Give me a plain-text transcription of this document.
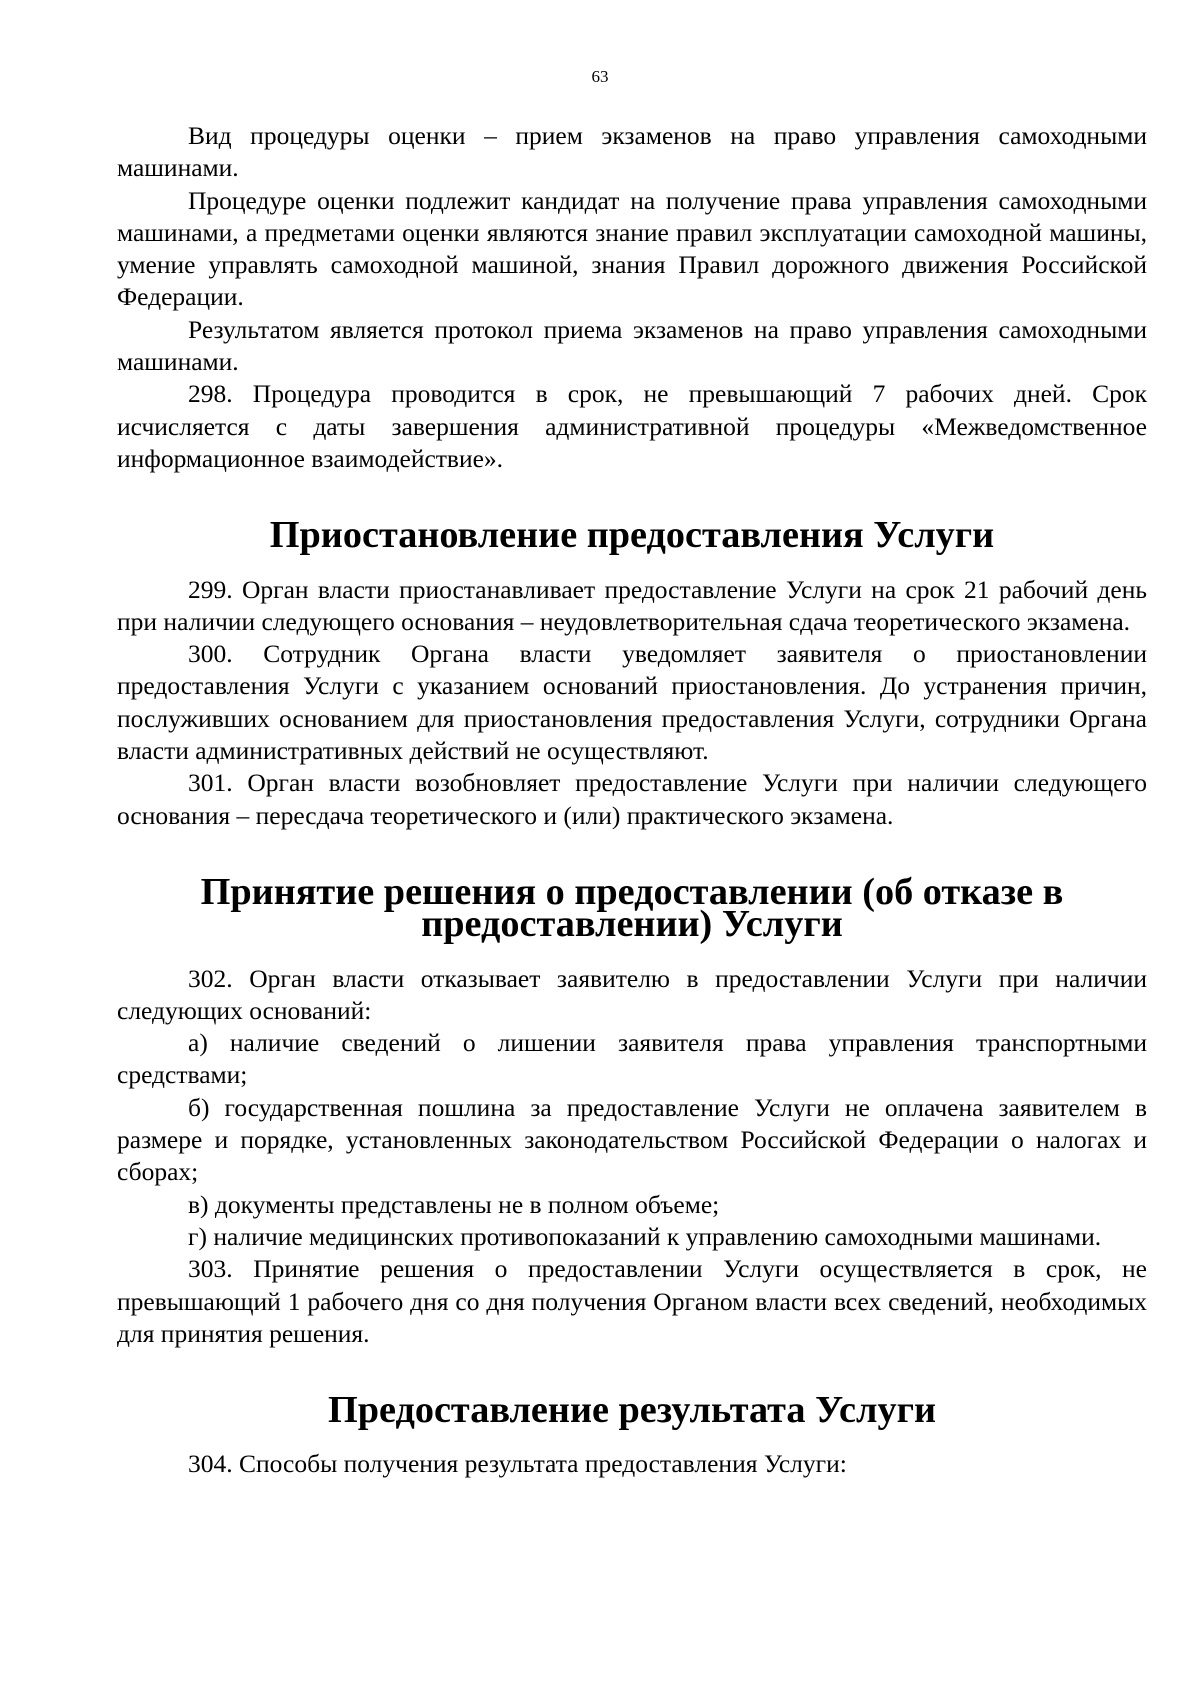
63

Вид процедуры оценки – прием экзаменов на право управления самоходными машинами.

Процедуре оценки подлежит кандидат на получение права управления самоходными машинами, а предметами оценки являются знание правил эксплуатации самоходной машины, умение управлять самоходной машиной, знания Правил дорожного движения Российской Федерации.

Результатом является протокол приема экзаменов на право управления самоходными машинами.

298. Процедура проводится в срок, не превышающий 7 рабочих дней. Срок исчисляется с даты завершения административной процедуры «Межведомственное информационное взаимодействие».

Приостановление предоставления Услуги

299. Орган власти приостанавливает предоставление Услуги на срок 21 рабочий день при наличии следующего основания – неудовлетворительная сдача теоретического экзамена.

300. Сотрудник Органа власти уведомляет заявителя о приостановлении предоставления Услуги с указанием оснований приостановления. До устранения причин, послуживших основанием для приостановления предоставления Услуги, сотрудники Органа власти административных действий не осуществляют.

301. Орган власти возобновляет предоставление Услуги при наличии следующего основания – пересдача теоретического и (или) практического экзамена.

Принятие решения о предоставлении (об отказе в предоставлении) Услуги

302. Орган власти отказывает заявителю в предоставлении Услуги при наличии следующих оснований:

а) наличие сведений о лишении заявителя права управления транспортными средствами;

б) государственная пошлина за предоставление Услуги не оплачена заявителем в размере и порядке, установленных законодательством Российской Федерации о налогах и сборах;

в) документы представлены не в полном объеме;

г) наличие медицинских противопоказаний к управлению самоходными машинами.

303. Принятие решения о предоставлении Услуги осуществляется в срок, не превышающий 1 рабочего дня со дня получения Органом власти всех сведений, необходимых для принятия решения.

Предоставление результата Услуги

304. Способы получения результата предоставления Услуги:
